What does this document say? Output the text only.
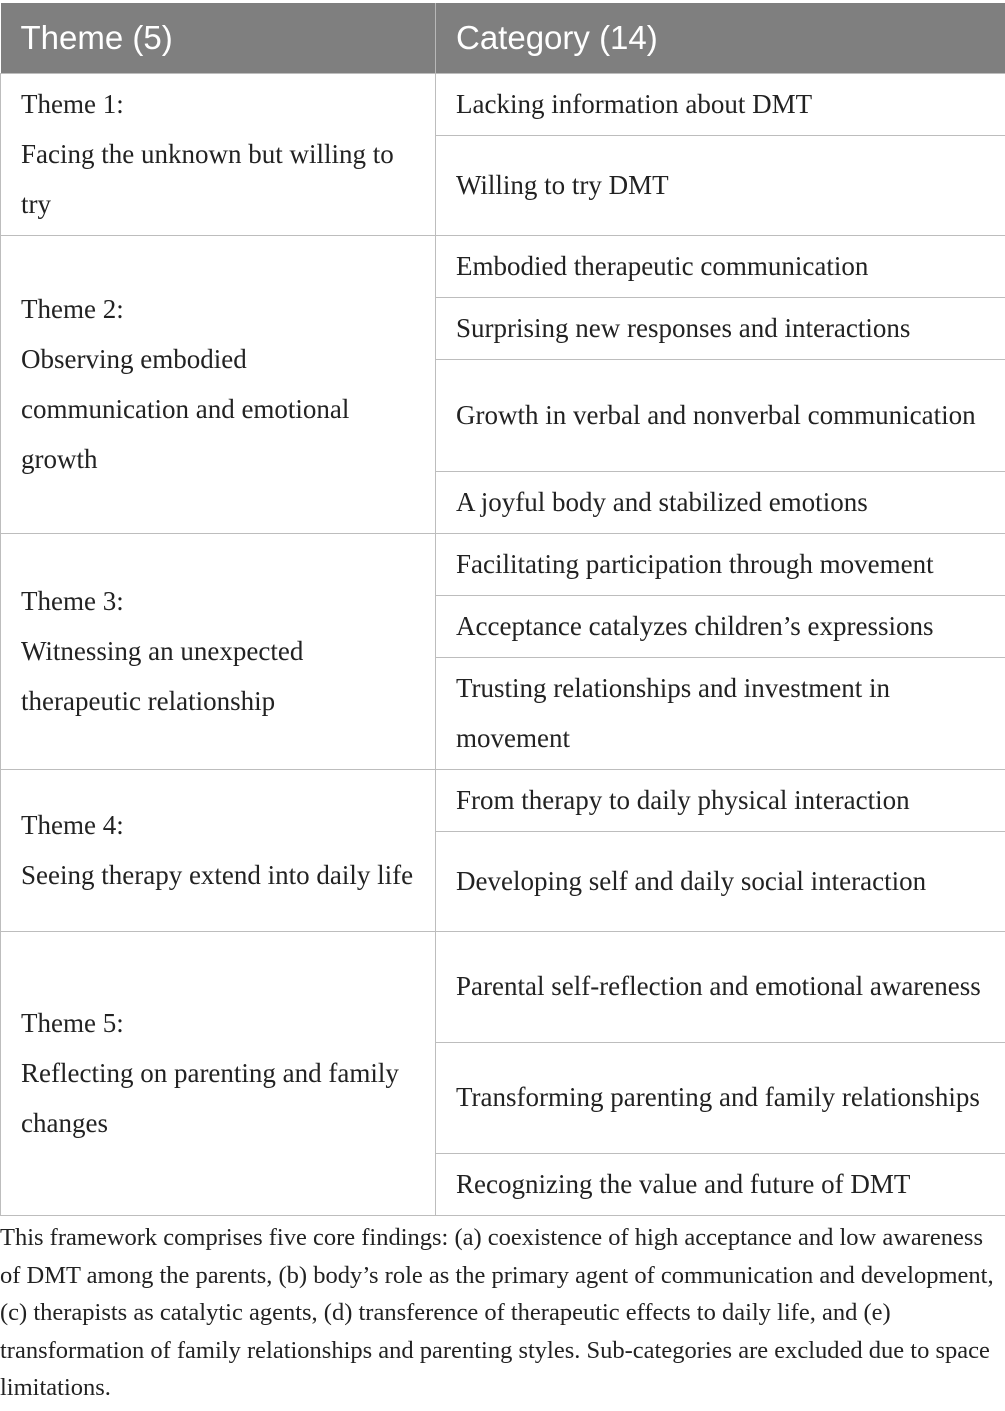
Theme (5)	Category (14)

Theme 1:
Facing the unknown but willing to try	Lacking information about DMT
	Willing to try DMT

Theme 2:
Observing embodied communication and emotional growth	Embodied therapeutic communication
	Surprising new responses and interactions
	Growth in verbal and nonverbal communication
	A joyful body and stabilized emotions

Theme 3:
Witnessing an unexpected therapeutic relationship	Facilitating participation through movement
	Acceptance catalyzes children’s expressions
	Trusting relationships and investment in movement

Theme 4:
Seeing therapy extend into daily life	From therapy to daily physical interaction
	Developing self and daily social interaction

Theme 5:
Reflecting on parenting and family changes	Parental self-reflection and emotional awareness
	Transforming parenting and family relationships
	Recognizing the value and future of DMT
This framework comprises five core findings: (a) coexistence of high acceptance and low awareness of DMT among the parents, (b) body’s role as the primary agent of communication and development, (c) therapists as catalytic agents, (d) transference of therapeutic effects to daily life, and (e) transformation of family relationships and parenting styles. Sub-categories are excluded due to space limitations.
